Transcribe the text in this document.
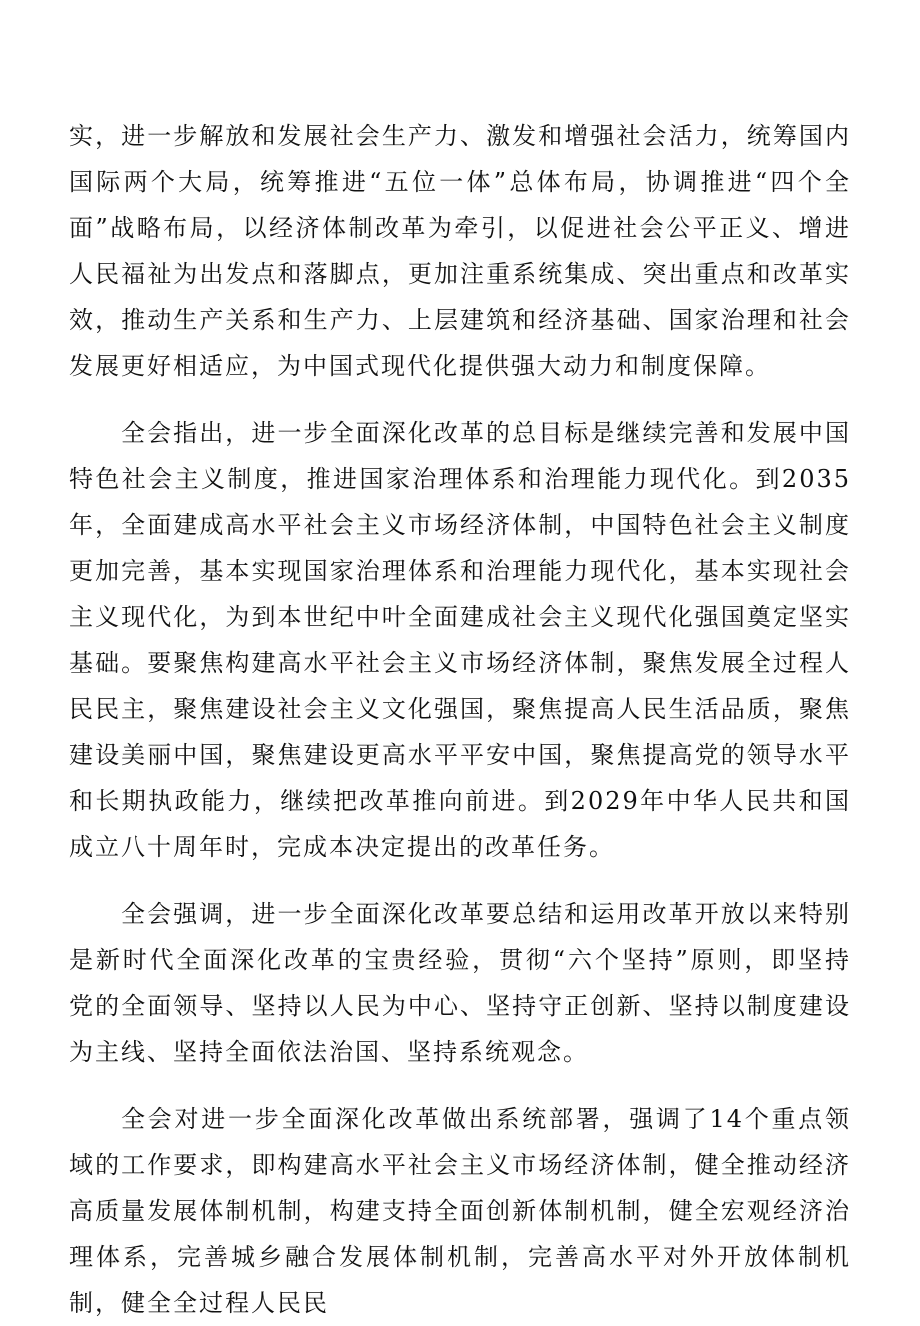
实，进一步解放和发展社会生产力、激发和增强社会活力，统筹国内国际两个大局，统筹推进“五位一体”总体布局，协调推进“四个全面”战略布局，以经济体制改革为牵引，以促进社会公平正义、增进人民福祉为出发点和落脚点，更加注重系统集成、突出重点和改革实效，推动生产关系和生产力、上层建筑和经济基础、国家治理和社会发展更好相适应，为中国式现代化提供强大动力和制度保障。

全会指出，进一步全面深化改革的总目标是继续完善和发展中国特色社会主义制度，推进国家治理体系和治理能力现代化。到2035年，全面建成高水平社会主义市场经济体制，中国特色社会主义制度更加完善，基本实现国家治理体系和治理能力现代化，基本实现社会主义现代化，为到本世纪中叶全面建成社会主义现代化强国奠定坚实基础。要聚焦构建高水平社会主义市场经济体制，聚焦发展全过程人民民主，聚焦建设社会主义文化强国，聚焦提高人民生活品质，聚焦建设美丽中国，聚焦建设更高水平平安中国，聚焦提高党的领导水平和长期执政能力，继续把改革推向前进。到2029年中华人民共和国成立八十周年时，完成本决定提出的改革任务。

全会强调，进一步全面深化改革要总结和运用改革开放以来特别是新时代全面深化改革的宝贵经验，贯彻“六个坚持”原则，即坚持党的全面领导、坚持以人民为中心、坚持守正创新、坚持以制度建设为主线、坚持全面依法治国、坚持系统观念。

全会对进一步全面深化改革做出系统部署，强调了14个重点领域的工作要求，即构建高水平社会主义市场经济体制，健全推动经济高质量发展体制机制，构建支持全面创新体制机制，健全宏观经济治理体系，完善城乡融合发展体制机制，完善高水平对外开放体制机制，健全全过程人民民
